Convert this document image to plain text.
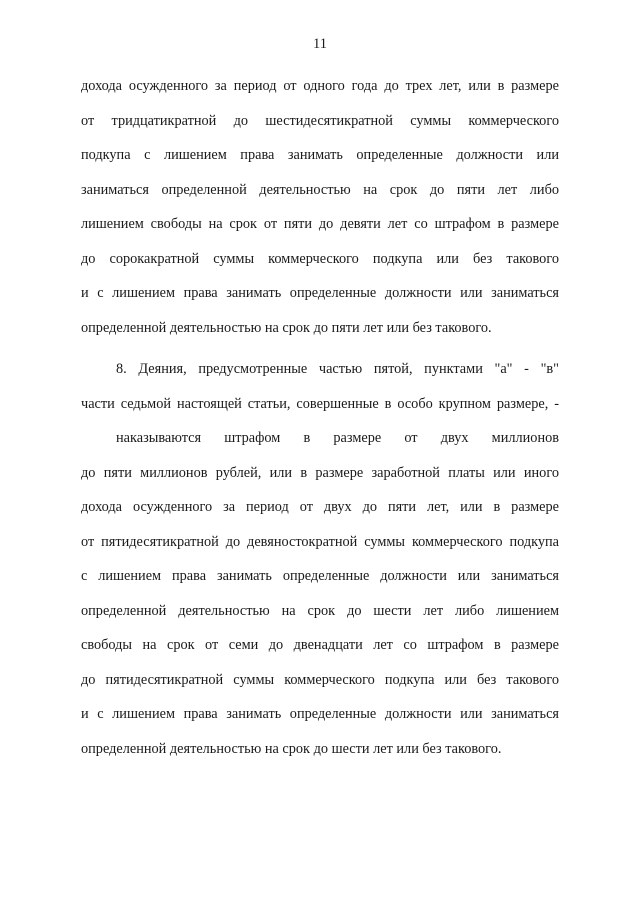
11
дохода осужденного за период от одного года до трех лет, или в размере
от тридцатикратной до шестидесятикратной суммы коммерческого
подкупа с лишением права занимать определенные должности или
заниматься определенной деятельностью на срок до пяти лет либо
лишением свободы на срок от пяти до девяти лет со штрафом в размере
до сорокакратной суммы коммерческого подкупа или без такового
и с лишением права занимать определенные должности или заниматься
определенной деятельностью на срок до пяти лет или без такового.
8. Деяния, предусмотренные частью пятой, пунктами "а" - "в"
части седьмой настоящей статьи, совершенные в особо крупном размере, -
наказываются штрафом в размере от двух миллионов
до пяти миллионов рублей, или в размере заработной платы или иного
дохода осужденного за период от двух до пяти лет, или в размере
от пятидесятикратной до девяностократной суммы коммерческого подкупа
с лишением права занимать определенные должности или заниматься
определенной деятельностью на срок до шести лет либо лишением
свободы на срок от семи до двенадцати лет со штрафом в размере
до пятидесятикратной суммы коммерческого подкупа или без такового
и с лишением права занимать определенные должности или заниматься
определенной деятельностью на срок до шести лет или без такового.
